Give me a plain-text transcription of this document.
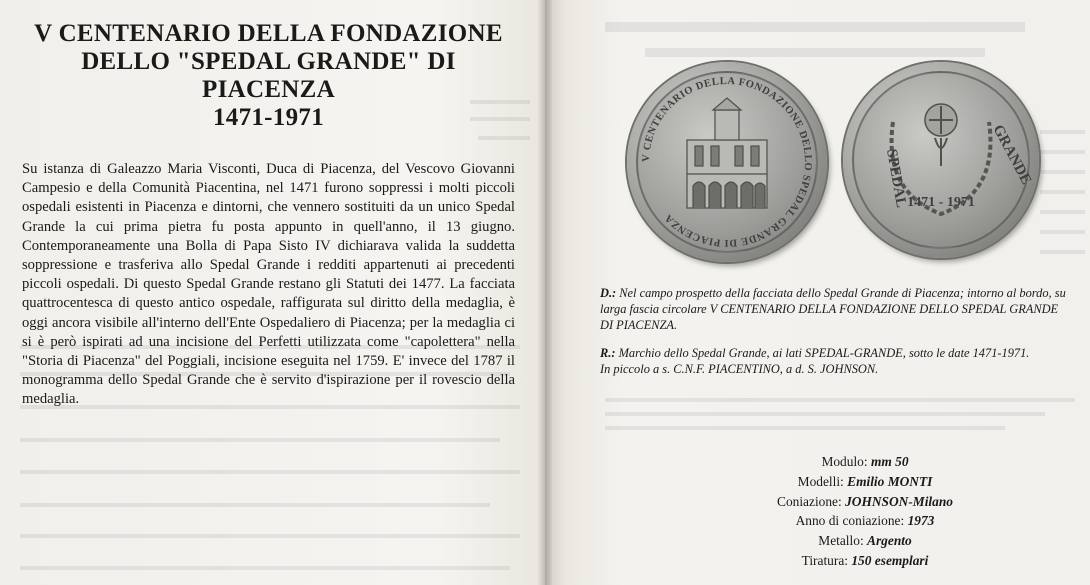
V CENTENARIO DELLA FONDAZIONE
DELLO "SPEDAL GRANDE" DI PIACENZA
1471-1971

Su istanza di Galeazzo Maria Visconti, Duca di Piacenza, del Vescovo Giovanni Campesio e della Comunità Piacentina, nel 1471 furono soppressi i molti piccoli ospedali esistenti in Piacenza e dintorni, che vennero sostituiti da un unico Spedal Grande la cui prima pietra fu posta appunto in quell'anno, il 13 giugno. Contemporaneamente una Bolla di Papa Sisto IV dichiarava valida la suddetta soppressione e trasferiva allo Spedal Grande i redditi appartenuti ai precedenti piccoli ospedali. Di questo Spedal Grande restano gli Statuti dei 1477. La facciata quattrocentesca di questo antico ospedale, raffigurata sul diritto della medaglia, è oggi ancora visibile all'interno dell'Ente Ospedaliero di Piacenza; per la medaglia ci si è però ispirati ad una incisione del Perfetti utilizzata come "capolettera" nella "Storia di Piacenza" del Poggiali, incisione eseguita nel 1759. E' invece del 1787 il monogramma dello Spedal Grande che è servito d'ispirazione per il rovescio della medaglia.

V CENTENARIO DELLA FONDAZIONE DELLO SPEDAL GRANDE DI PIACENZA
SPEDAL	GRANDE
1471 - 1971
D.: Nel campo prospetto della facciata dello Spedal Grande di Piacenza; intorno al bordo, su larga fascia circolare V CENTENARIO DELLA FONDAZIONE DELLO SPEDAL GRANDE DI PIACENZA.
R.: Marchio dello Spedal Grande, ai lati SPEDAL-GRANDE, sotto le date 1471-1971.
In piccolo a s. C.N.F. PIACENTINO, a d. S. JOHNSON.
Modulo: mm 50
Modelli: Emilio MONTI
Coniazione: JOHNSON-Milano
Anno di coniazione: 1973
Metallo: Argento
Tiratura: 150 esemplari
